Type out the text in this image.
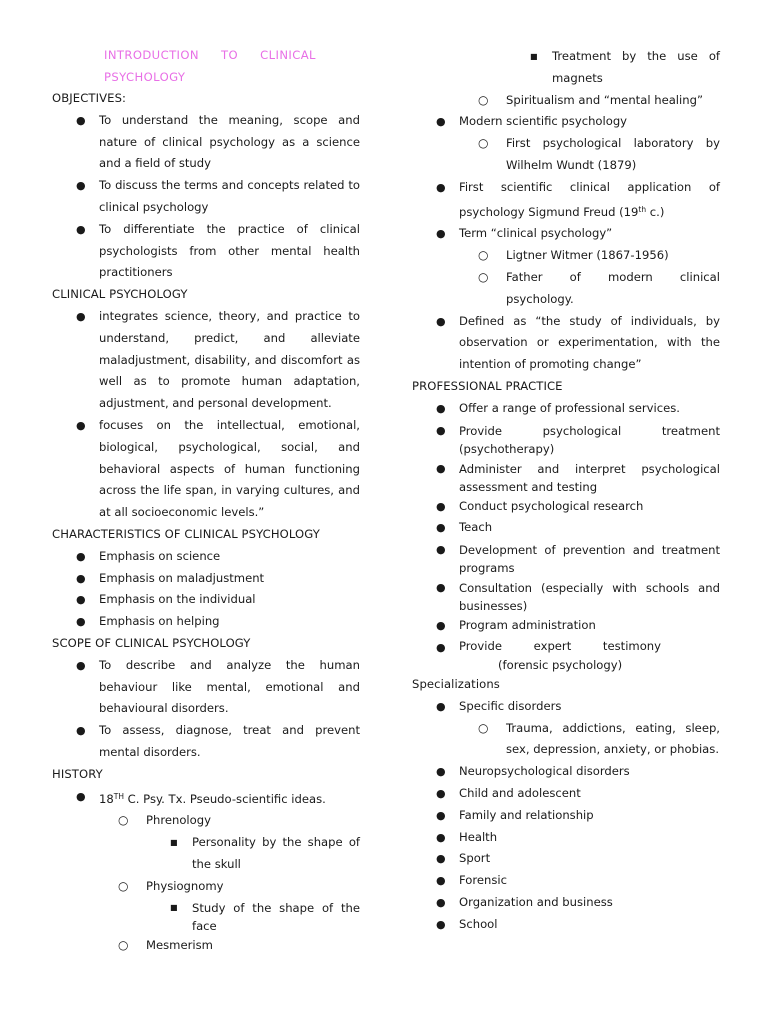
INTRODUCTION TO CLINICAL
PSYCHOLOGY
OBJECTIVES:
● To understand the meaning, scope and nature of clinical psychology as a science and a field of study
● To discuss the terms and concepts related to clinical psychology
● To differentiate the practice of clinical psychologists from other mental health practitioners
CLINICAL PSYCHOLOGY
● integrates science, theory, and practice to understand, predict, and alleviate maladjustment, disability, and discomfort as well as to promote human adaptation, adjustment, and personal development.
● focuses on the intellectual, emotional, biological, psychological, social, and behavioral aspects of human functioning across the life span, in varying cultures, and at all socioeconomic levels.”
CHARACTERISTICS OF CLINICAL PSYCHOLOGY
● Emphasis on science
● Emphasis on maladjustment
● Emphasis on the individual
● Emphasis on helping
SCOPE OF CLINICAL PSYCHOLOGY
● To describe and analyze the human behaviour like mental, emotional and behavioural disorders.
● To assess, diagnose, treat and prevent mental disorders.
HISTORY
● 18TH C. Psy. Tx. Pseudo-scientific ideas.
○ Phrenology
■ Personality by the shape of the skull
○ Physiognomy
■ Study of the shape of the face
○ Mesmerism
■ Treatment by the use of magnets
○ Spiritualism and “mental healing”
● Modern scientific psychology
○ First psychological laboratory by Wilhelm Wundt (1879)
● First scientific clinical application of psychology Sigmund Freud (19th c.)
● Term “clinical psychology”
○ Ligtner Witmer (1867-1956)
○ Father of modern clinical psychology.
● Defined as “the study of individuals, by observation or experimentation, with the intention of promoting change”
PROFESSIONAL PRACTICE
● Offer a range of professional services.
● Provide psychological treatment (psychotherapy)
● Administer and interpret psychological assessment and testing
● Conduct psychological research
● Teach
● Development of prevention and treatment programs
● Consultation (especially with schools and businesses)
● Program administration
● Provide expert testimony
(forensic psychology)
Specializations
● Specific disorders
○ Trauma, addictions, eating, sleep, sex, depression, anxiety, or phobias.
● Neuropsychological disorders
● Child and adolescent
● Family and relationship
● Health
● Sport
● Forensic
● Organization and business
● School
